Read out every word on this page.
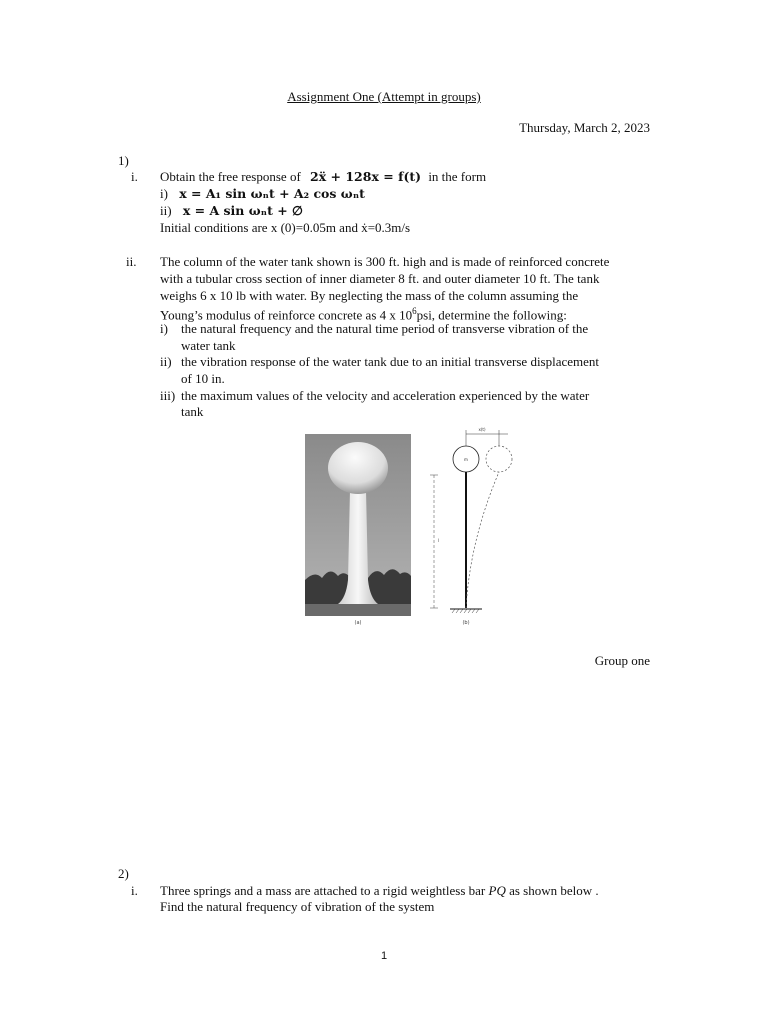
Assignment One (Attempt in groups)
Thursday, March 2, 2023
1)
i. Obtain the free response of 2ẍ + 128x = f(t) in the form
i) x = A₁ sin ωₙt + A₂ cos ωₙt
ii) x = A sin ωₙt + ∅
Initial conditions are x (0)=0.05m and ẋ=0.3m/s
ii. The column of the water tank shown is 300 ft. high and is made of reinforced concrete
with a tubular cross section of inner diameter 8 ft. and outer diameter 10 ft. The tank
weighs 6 x 10 lb with water. By neglecting the mass of the column assuming the
Young’s modulus of reinforce concrete as 4 x $10^6psi$, determine the following:
i) the natural frequency and the natural time period of transverse vibration of the
water tank
ii) the vibration response of the water tank due to an initial transverse displacement
of 10 in.
iii) the maximum values of the velocity and acceleration experienced by the water
tank
(a)
m
x(t)
l
(b)
Group one
2)
i. Three springs and a mass are attached to a rigid weightless bar PQ as shown below .
Find the natural frequency of vibration of the system
1
